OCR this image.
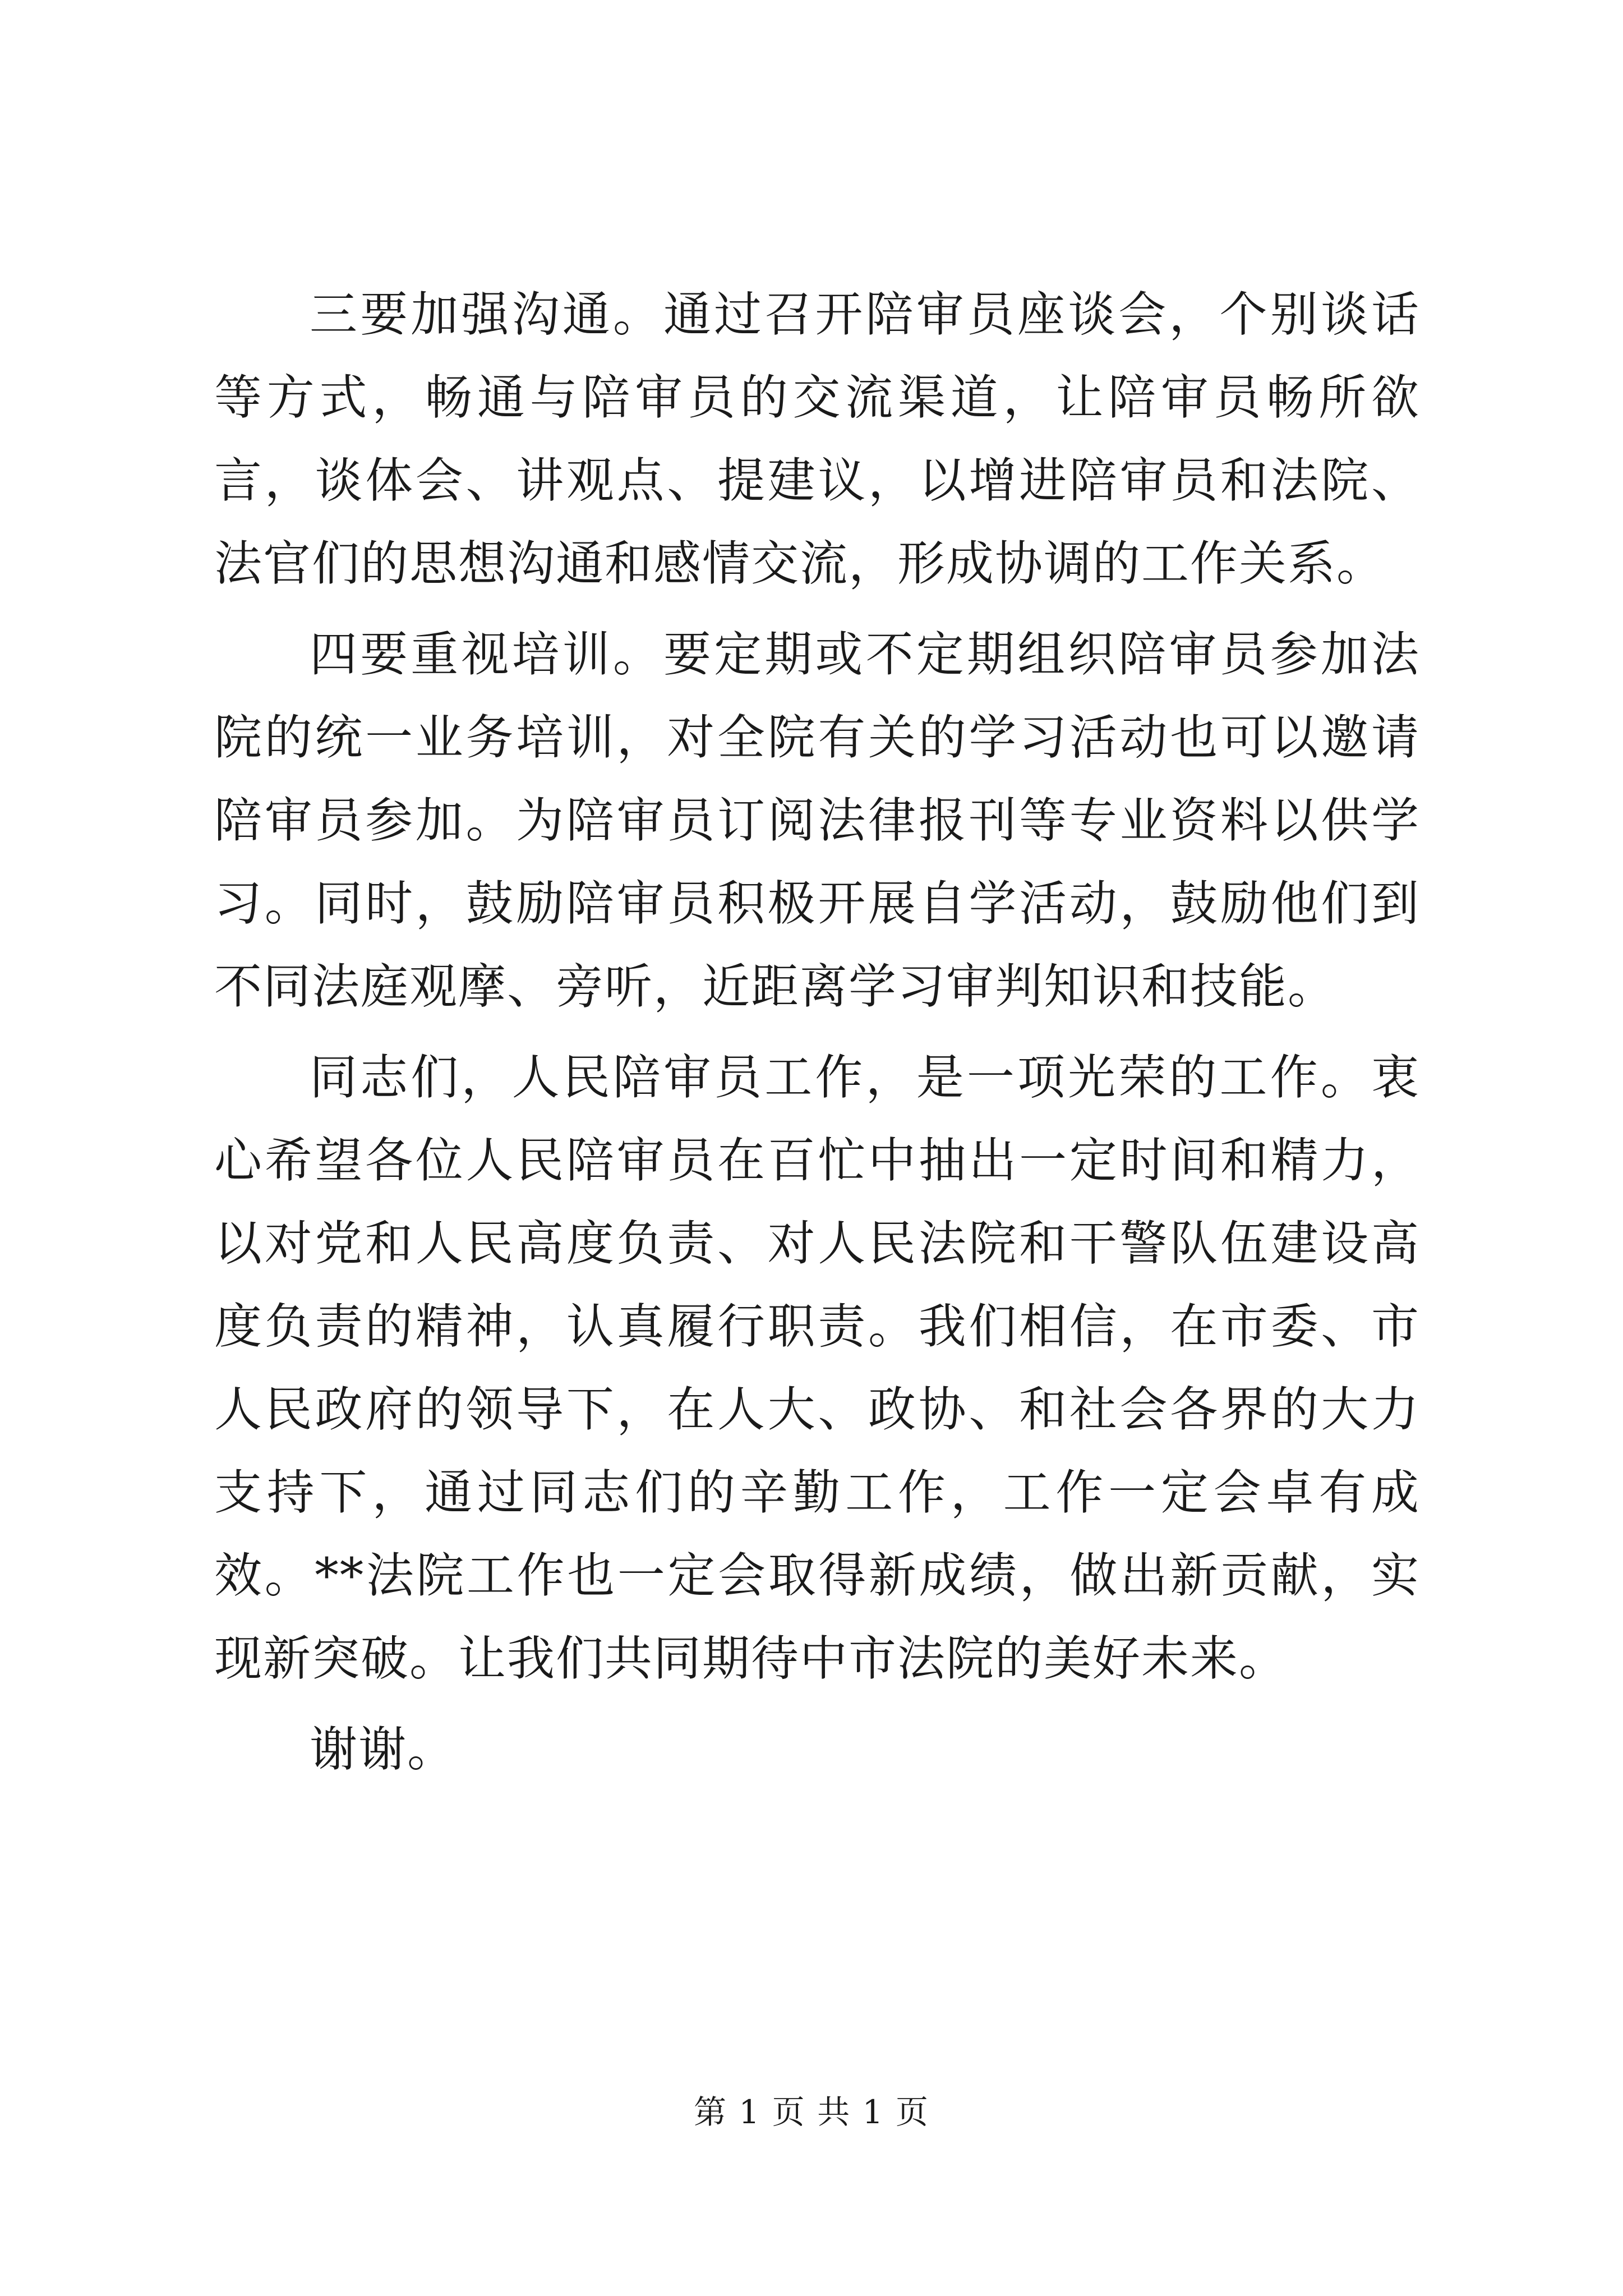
三要加强沟通。通过召开陪审员座谈会，个别谈话等方式，畅通与陪审员的交流渠道，让陪审员畅所欲言，谈体会、讲观点、提建议，以增进陪审员和法院、法官们的思想沟通和感情交流，形成协调的工作关系。

四要重视培训。要定期或不定期组织陪审员参加法院的统一业务培训，对全院有关的学习活动也可以邀请陪审员参加。为陪审员订阅法律报刊等专业资料以供学习。同时，鼓励陪审员积极开展自学活动，鼓励他们到不同法庭观摩、旁听，近距离学习审判知识和技能。

同志们，人民陪审员工作，是一项光荣的工作。衷心希望各位人民陪审员在百忙中抽出一定时间和精力，以对党和人民高度负责、对人民法院和干警队伍建设高度负责的精神，认真履行职责。我们相信，在市委、市人民政府的领导下，在人大、政协、和社会各界的大力支持下，通过同志们的辛勤工作，工作一定会卓有成效。**法院工作也一定会取得新成绩，做出新贡献，实现新突破。让我们共同期待中市法院的美好未来。

谢谢。

第 1 页 共 1 页
